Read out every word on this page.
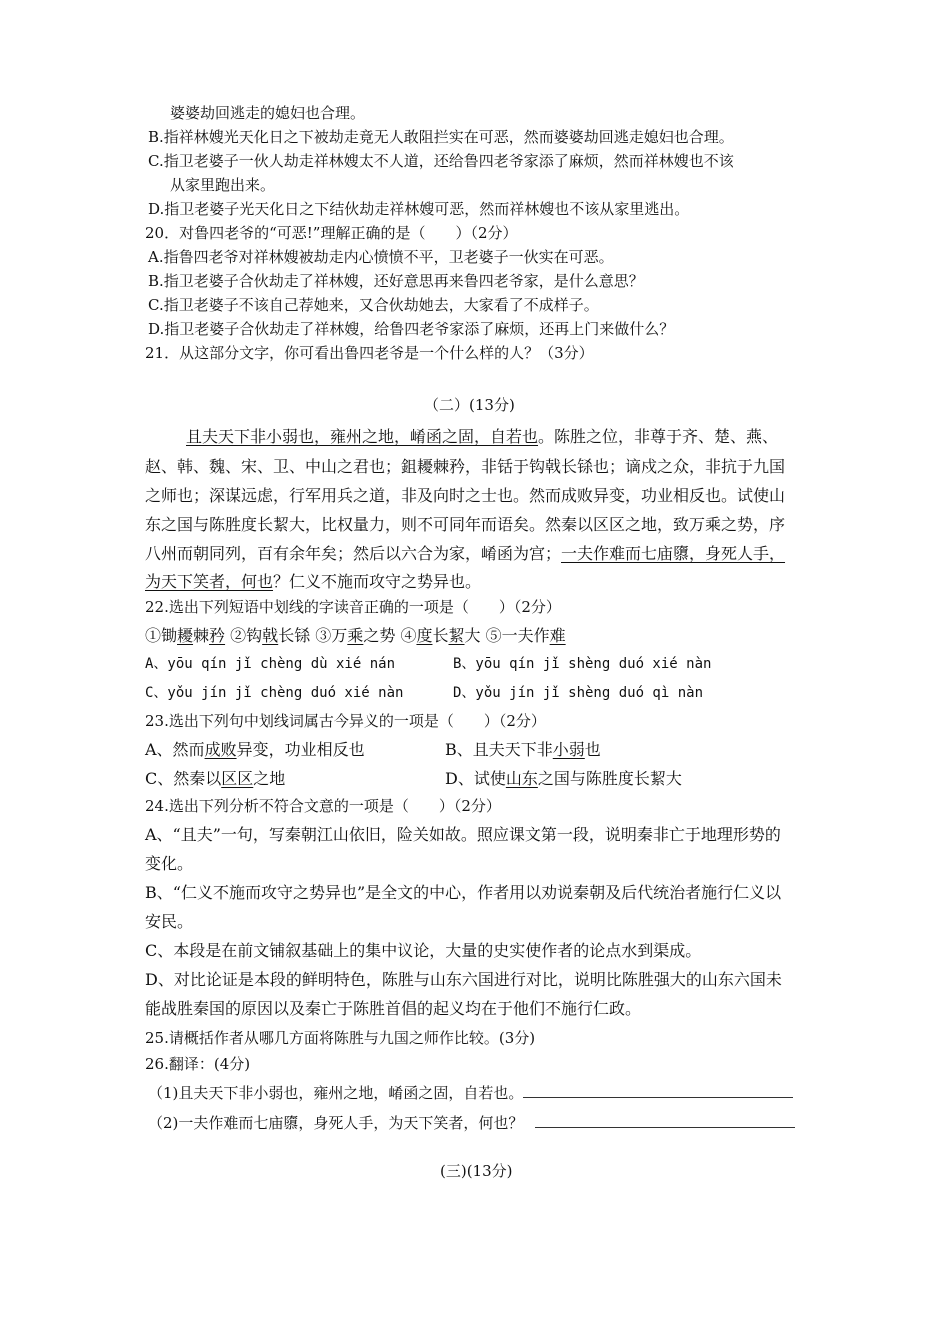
婆婆劫回逃走的媳妇也合理。
B.指祥林嫂光天化日之下被劫走竟无人敢阻拦实在可恶，然而婆婆劫回逃走媳妇也合理。
C.指卫老婆子一伙人劫走祥林嫂太不人道，还给鲁四老爷家添了麻烦，然而祥林嫂也不该
从家里跑出来。
D.指卫老婆子光天化日之下结伙劫走祥林嫂可恶，然而祥林嫂也不该从家里逃出。
20．对鲁四老爷的“可恶!”理解正确的是（　　）（2分）
A.指鲁四老爷对祥林嫂被劫走内心愤愤不平，卫老婆子一伙实在可恶。
B.指卫老婆子合伙劫走了祥林嫂，还好意思再来鲁四老爷家，是什么意思？
C.指卫老婆子不该自己荐她来，又合伙劫她去，大家看了不成样子。
D.指卫老婆子合伙劫走了祥林嫂，给鲁四老爷家添了麻烦，还再上门来做什么？
21．从这部分文字，你可看出鲁四老爷是一个什么样的人？（3分）
（二）(13分)
且夫天下非小弱也，雍州之地，崤函之固，自若也。陈胜之位，非尊于齐、楚、燕、
赵、韩、魏、宋、卫、中山之君也；鉏耰棘矜，非铦于钩戟长铩也；谪戍之众，非抗于九国
之师也；深谋远虑，行军用兵之道，非及向时之士也。然而成败异变，功业相反也。试使山
东之国与陈胜度长絜大，比权量力，则不可同年而语矣。然秦以区区之地，致万乘之势，序
八州而朝同列，百有余年矣；然后以六合为家，崤函为宫；一夫作难而七庙隳，身死人手，
为天下笑者，何也？仁义不施而攻守之势异也。
22.选出下列短语中划线的字读音正确的一项是（　　）（2分）
①锄耰棘矜 ②钩戟长铩 ③万乘之势 ④度长絜大 ⑤一夫作难
A、yōu qín jǐ chèng dù xié nán	B、yōu qín jǐ shèng duó xié nàn
C、yǒu jín jǐ chèng duó xié nàn	D、yǒu jín jǐ shèng duó qì nàn
23.选出下列句中划线词属古今异义的一项是（　　）（2分）
A、然而成败异变，功业相反也	B、且夫天下非小弱也
C、然秦以区区之地	D、试使山东之国与陈胜度长絜大
24.选出下列分析不符合文意的一项是（　　）（2分）
A、“且夫”一句，写秦朝江山依旧，险关如故。照应课文第一段，说明秦非亡于地理形势的
变化。
B、“仁义不施而攻守之势异也”是全文的中心，作者用以劝说秦朝及后代统治者施行仁义以
安民。
C、本段是在前文铺叙基础上的集中议论，大量的史实使作者的论点水到渠成。
D、对比论证是本段的鲜明特色，陈胜与山东六国进行对比，说明比陈胜强大的山东六国未
能战胜秦国的原因以及秦亡于陈胜首倡的起义均在于他们不施行仁政。
25.请概括作者从哪几方面将陈胜与九国之师作比较。(3分)
26.翻译：(4分)
（1)且夫天下非小弱也，雍州之地，崤函之固，自若也。
（2)一夫作难而七庙隳，身死人手，为天下笑者，何也？
(三)(13分)
